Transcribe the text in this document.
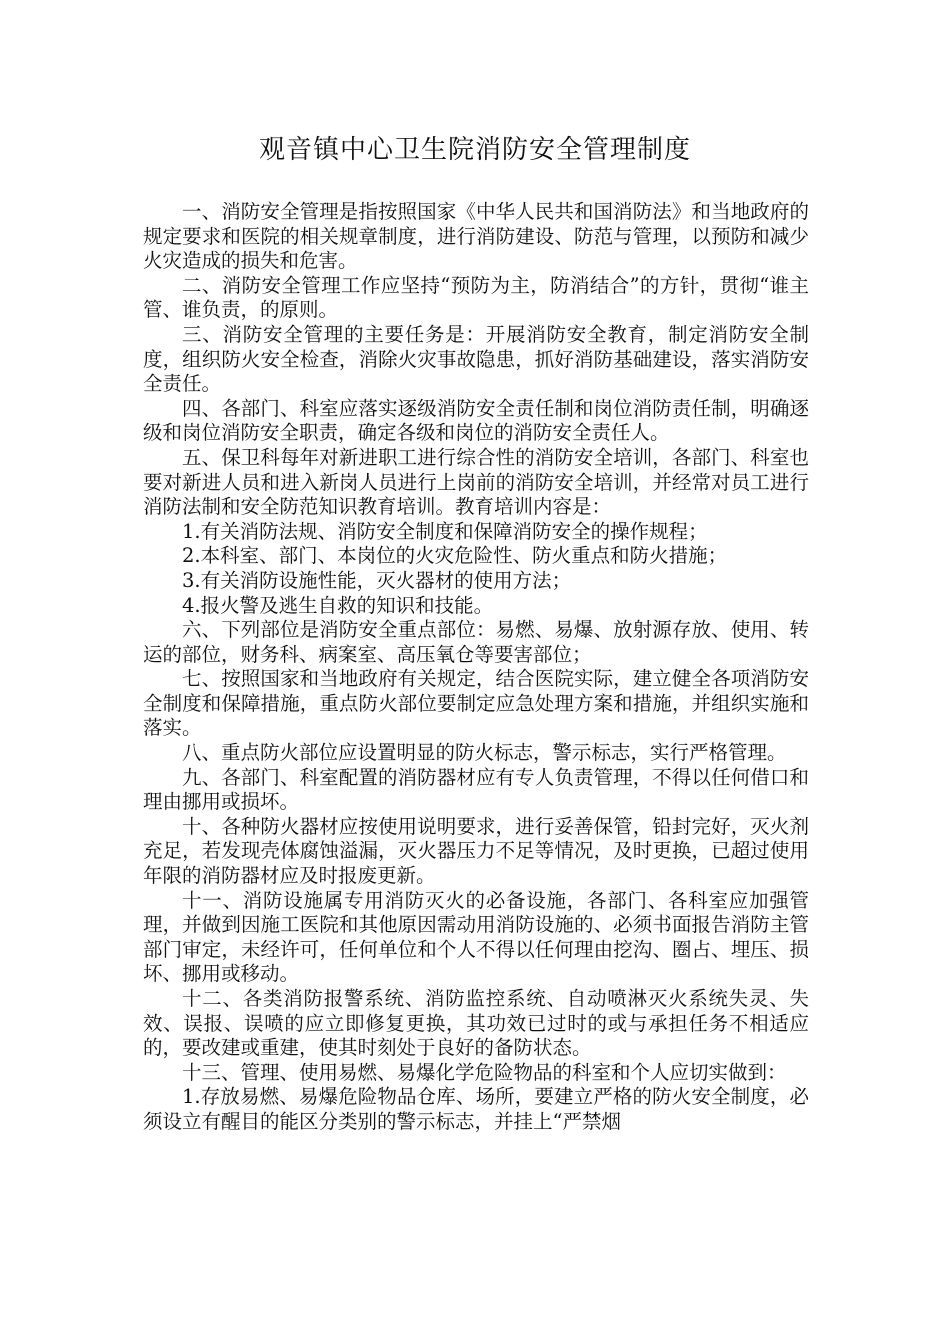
观音镇中心卫生院消防安全管理制度

一、消防安全管理是指按照国家《中华人民共和国消防法》和当地政府的规定要求和医院的相关规章制度，进行消防建设、防范与管理，以预防和减少火灾造成的损失和危害。

二、消防安全管理工作应坚持“预防为主，防消结合”的方针，贯彻“谁主管、谁负责，的原则。

三、消防安全管理的主要任务是：开展消防安全教育，制定消防安全制度，组织防火安全检查，消除火灾事故隐患，抓好消防基础建设，落实消防安全责任。

四、各部门、科室应落实逐级消防安全责任制和岗位消防责任制，明确逐级和岗位消防安全职责，确定各级和岗位的消防安全责任人。

五、保卫科每年对新进职工进行综合性的消防安全培训，各部门、科室也要对新进人员和进入新岗人员进行上岗前的消防安全培训，并经常对员工进行消防法制和安全防范知识教育培训。教育培训内容是：

1.有关消防法规、消防安全制度和保障消防安全的操作规程；

2.本科室、部门、本岗位的火灾危险性、防火重点和防火措施；

3.有关消防设施性能，灭火器材的使用方法；

4.报火警及逃生自救的知识和技能。

六、下列部位是消防安全重点部位：易燃、易爆、放射源存放、使用、转运的部位，财务科、病案室、高压氧仓等要害部位；

七、按照国家和当地政府有关规定，结合医院实际，建立健全各项消防安全制度和保障措施，重点防火部位要制定应急处理方案和措施，并组织实施和落实。

八、重点防火部位应设置明显的防火标志，警示标志，实行严格管理。

九、各部门、科室配置的消防器材应有专人负责管理，不得以任何借口和理由挪用或损坏。

十、各种防火器材应按使用说明要求，进行妥善保管，铅封完好，灭火剂充足，若发现壳体腐蚀溢漏，灭火器压力不足等情况，及时更换，已超过使用年限的消防器材应及时报废更新。

十一、消防设施属专用消防灭火的必备设施，各部门、各科室应加强管理，并做到因施工医院和其他原因需动用消防设施的、必须书面报告消防主管部门审定，未经许可，任何单位和个人不得以任何理由挖沟、圈占、埋压、损坏、挪用或移动。

十二、各类消防报警系统、消防监控系统、自动喷淋灭火系统失灵、失效、误报、误喷的应立即修复更换，其功效已过时的或与承担任务不相适应的，要改建或重建，使其时刻处于良好的备防状态。

十三、管理、使用易燃、易爆化学危险物品的科室和个人应切实做到：

1.存放易燃、易爆危险物品仓库、场所，要建立严格的防火安全制度，必须设立有醒目的能区分类别的警示标志，并挂上“严禁烟
